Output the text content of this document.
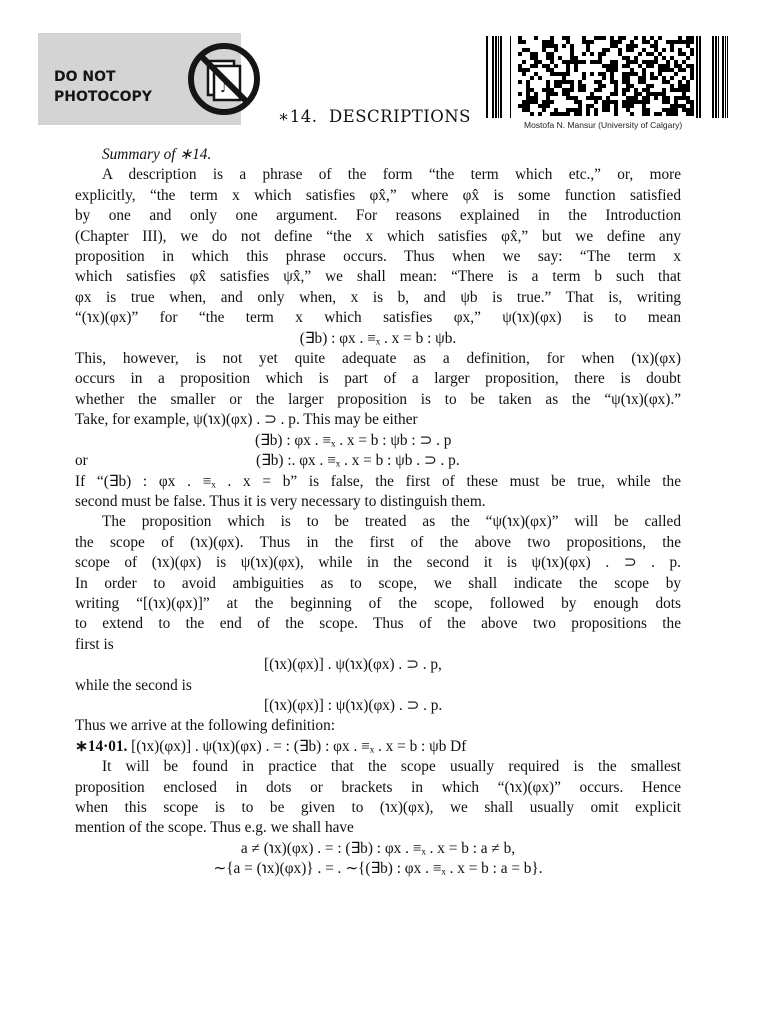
DO NOT
PHOTOCOPY
♪
Mostofa N. Mansur (University of Calgary)
∗14.  DESCRIPTIONS
Summary of ∗14.
A description is a phrase of the form “the term which etc.,” or, more
explicitly, “the term x which satisfies φx̂,” where φx̂ is some function satisfied
by one and only one argument. For reasons explained in the Introduction
(Chapter III), we do not define “the x which satisfies φx̂,” but we define any
proposition in which this phrase occurs. Thus when we say: “The term x
which satisfies φx̂ satisfies ψx̂,” we shall mean: “There is a term b such that
φx is true when, and only when, x is b, and ψb is true.” That is, writing
“(℩x)(φx)” for “the term x which satisfies φx,” ψ(℩x)(φx) is to mean
(∃b) : φx . ≡ₓ . x = b : ψb.
This, however, is not yet quite adequate as a definition, for when (℩x)(φx)
occurs in a proposition which is part of a larger proposition, there is doubt
whether the smaller or the larger proposition is to be taken as the “ψ(℩x)(φx).”
Take, for example, ψ(℩x)(φx) . ⊃ . p. This may be either
(∃b) : φx . ≡ₓ . x = b : ψb : ⊃ . p
or	(∃b) :. φx . ≡ₓ . x = b : ψb . ⊃ . p.
If “(∃b) : φx . ≡ₓ . x = b” is false, the first of these must be true, while the
second must be false. Thus it is very necessary to distinguish them.
The proposition which is to be treated as the “ψ(℩x)(φx)” will be called
the scope of (℩x)(φx). Thus in the first of the above two propositions, the
scope of (℩x)(φx) is ψ(℩x)(φx), while in the second it is ψ(℩x)(φx) . ⊃ . p.
In order to avoid ambiguities as to scope, we shall indicate the scope by
writing “[(℩x)(φx)]” at the beginning of the scope, followed by enough dots
to extend to the end of the scope. Thus of the above two propositions the
first is
[(℩x)(φx)] . ψ(℩x)(φx) . ⊃ . p,
while the second is
[(℩x)(φx)] : ψ(℩x)(φx) . ⊃ . p.
Thus we arrive at the following definition:
∗14·01. [(℩x)(φx)] . ψ(℩x)(φx) . = : (∃b) : φx . ≡ₓ . x = b : ψb Df
It will be found in practice that the scope usually required is the smallest
proposition enclosed in dots or brackets in which “(℩x)(φx)” occurs. Hence
when this scope is to be given to (℩x)(φx), we shall usually omit explicit
mention of the scope. Thus e.g. we shall have
a ≠ (℩x)(φx) . = : (∃b) : φx . ≡ₓ . x = b : a ≠ b,
∼{a = (℩x)(φx)} . = . ∼{(∃b) : φx . ≡ₓ . x = b : a = b}.
